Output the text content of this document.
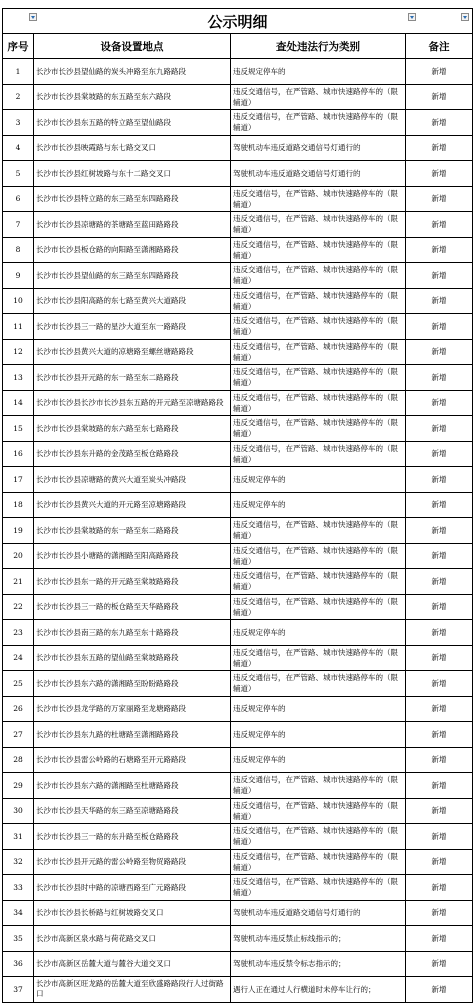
公示明细			

序号	设备设置地点	查处违法行为类别	备注
1	长沙市长沙县望仙路的炭头冲路至东九路路段	违反规定停车的	新增
2	长沙市长沙县棠坡路的东五路至东六路段	违反交通信号，在严管路、城市快速路停车的（限辅道）	新增
3	长沙市长沙县东五路的特立路至望仙路段	违反交通信号，在严管路、城市快速路停车的（限辅道）	新增
4	长沙市长沙县映霞路与东七路交叉口	驾驶机动车违反道路交通信号灯通行的	新增
5	长沙市长沙县红树坡路与东十二路交叉口	驾驶机动车违反道路交通信号灯通行的	新增
6	长沙市长沙县特立路的东三路至东四路路段	违反交通信号，在严管路、城市快速路停车的（限辅道）	新增
7	长沙市长沙县凉塘路的茶塘路至蓝田路路段	违反交通信号，在严管路、城市快速路停车的（限辅道）	新增
8	长沙市长沙县板仓路的向阳路至潇湘路路段	违反交通信号，在严管路、城市快速路停车的（限辅道）	新增
9	长沙市长沙县望仙路的东三路至东四路路段	违反交通信号，在严管路、城市快速路停车的（限辅道）	新增
10	长沙市长沙县阳高路的东七路至黄兴大道路段	违反交通信号，在严管路、城市快速路停车的（限辅道）	新增
11	长沙市长沙县三一路的星沙大道至东一路路段	违反交通信号，在严管路、城市快速路停车的（限辅道）	新增
12	长沙市长沙县黄兴大道的凉塘路至螺丝塘路路段	违反交通信号，在严管路、城市快速路停车的（限辅道）	新增
13	长沙市长沙县开元路的东一路至东二路路段	违反交通信号，在严管路、城市快速路停车的（限辅道）	新增
14	长沙市长沙县长沙市长沙县东五路的开元路至凉塘路路段	违反交通信号，在严管路、城市快速路停车的（限辅道）	新增
15	长沙市长沙县棠坡路的东六路至东七路路段	违反交通信号，在严管路、城市快速路停车的（限辅道）	新增
16	长沙市长沙县东升路的金茂路至板仓路路段	违反交通信号，在严管路、城市快速路停车的（限辅道）	新增
17	长沙市长沙县凉塘路的黄兴大道至炭头冲路段	违反规定停车的	新增
18	长沙市长沙县黄兴大道的开元路至凉塘路路段	违反规定停车的	新增
19	长沙市长沙县棠坡路的东一路至东二路路段	违反交通信号，在严管路、城市快速路停车的（限辅道）	新增
20	长沙市长沙县小塘路的潇湘路至阳高路路段	违反交通信号，在严管路、城市快速路停车的（限辅道）	新增
21	长沙市长沙县东一路的开元路至棠坡路路段	违反交通信号，在严管路、城市快速路停车的（限辅道）	新增
22	长沙市长沙县三一路的板仓路至天华路路段	违反交通信号，在严管路、城市快速路停车的（限辅道）	新增
23	长沙市长沙县南三路的东九路至东十路路段	违反规定停车的	新增
24	长沙市长沙县东五路的望仙路至棠坡路路段	违反交通信号，在严管路、城市快速路停车的（限辅道）	新增
25	长沙市长沙县东六路的潇湘路至盼盼路路段	违反交通信号，在严管路、城市快速路停车的（限辅道）	新增
26	长沙市长沙县龙学路的万家丽路至龙塘路路段	违反规定停车的	新增
27	长沙市长沙县东九路的杜塘路至潇湘路路段	违反规定停车的	新增
28	长沙市长沙县雷公岭路的石塘路至开元路路段	违反规定停车的	新增
29	长沙市长沙县东六路的潇湘路至杜塘路路段	违反交通信号，在严管路、城市快速路停车的（限辅道）	新增
30	长沙市长沙县天华路的东三路至凉塘路路段	违反交通信号，在严管路、城市快速路停车的（限辅道）	新增
31	长沙市长沙县三一路的东升路至板仓路路段	违反交通信号，在严管路、城市快速路停车的（限辅道）	新增
32	长沙市长沙县开元路的雷公岭路至物贸路路段	违反交通信号，在严管路、城市快速路停车的（限辅道）	新增
33	长沙市长沙县时中路的凉塘西路至广元路路段	违反交通信号，在严管路、城市快速路停车的（限辅道）	新增
34	长沙市长沙县长桥路与红树坡路交叉口	驾驶机动车违反道路交通信号灯通行的	新增
35	长沙市高新区泉水路与荷花路交叉口	驾驶机动车违反禁止标线指示的；	新增
36	长沙市高新区岳麓大道与麓谷大道交叉口	驾驶机动车违反禁令标志指示的；	新增
37	长沙市高新区旺龙路的岳麓大道至欣盛路路段行人过街路口	遇行人正在通过人行横道时未停车让行的；	新增
